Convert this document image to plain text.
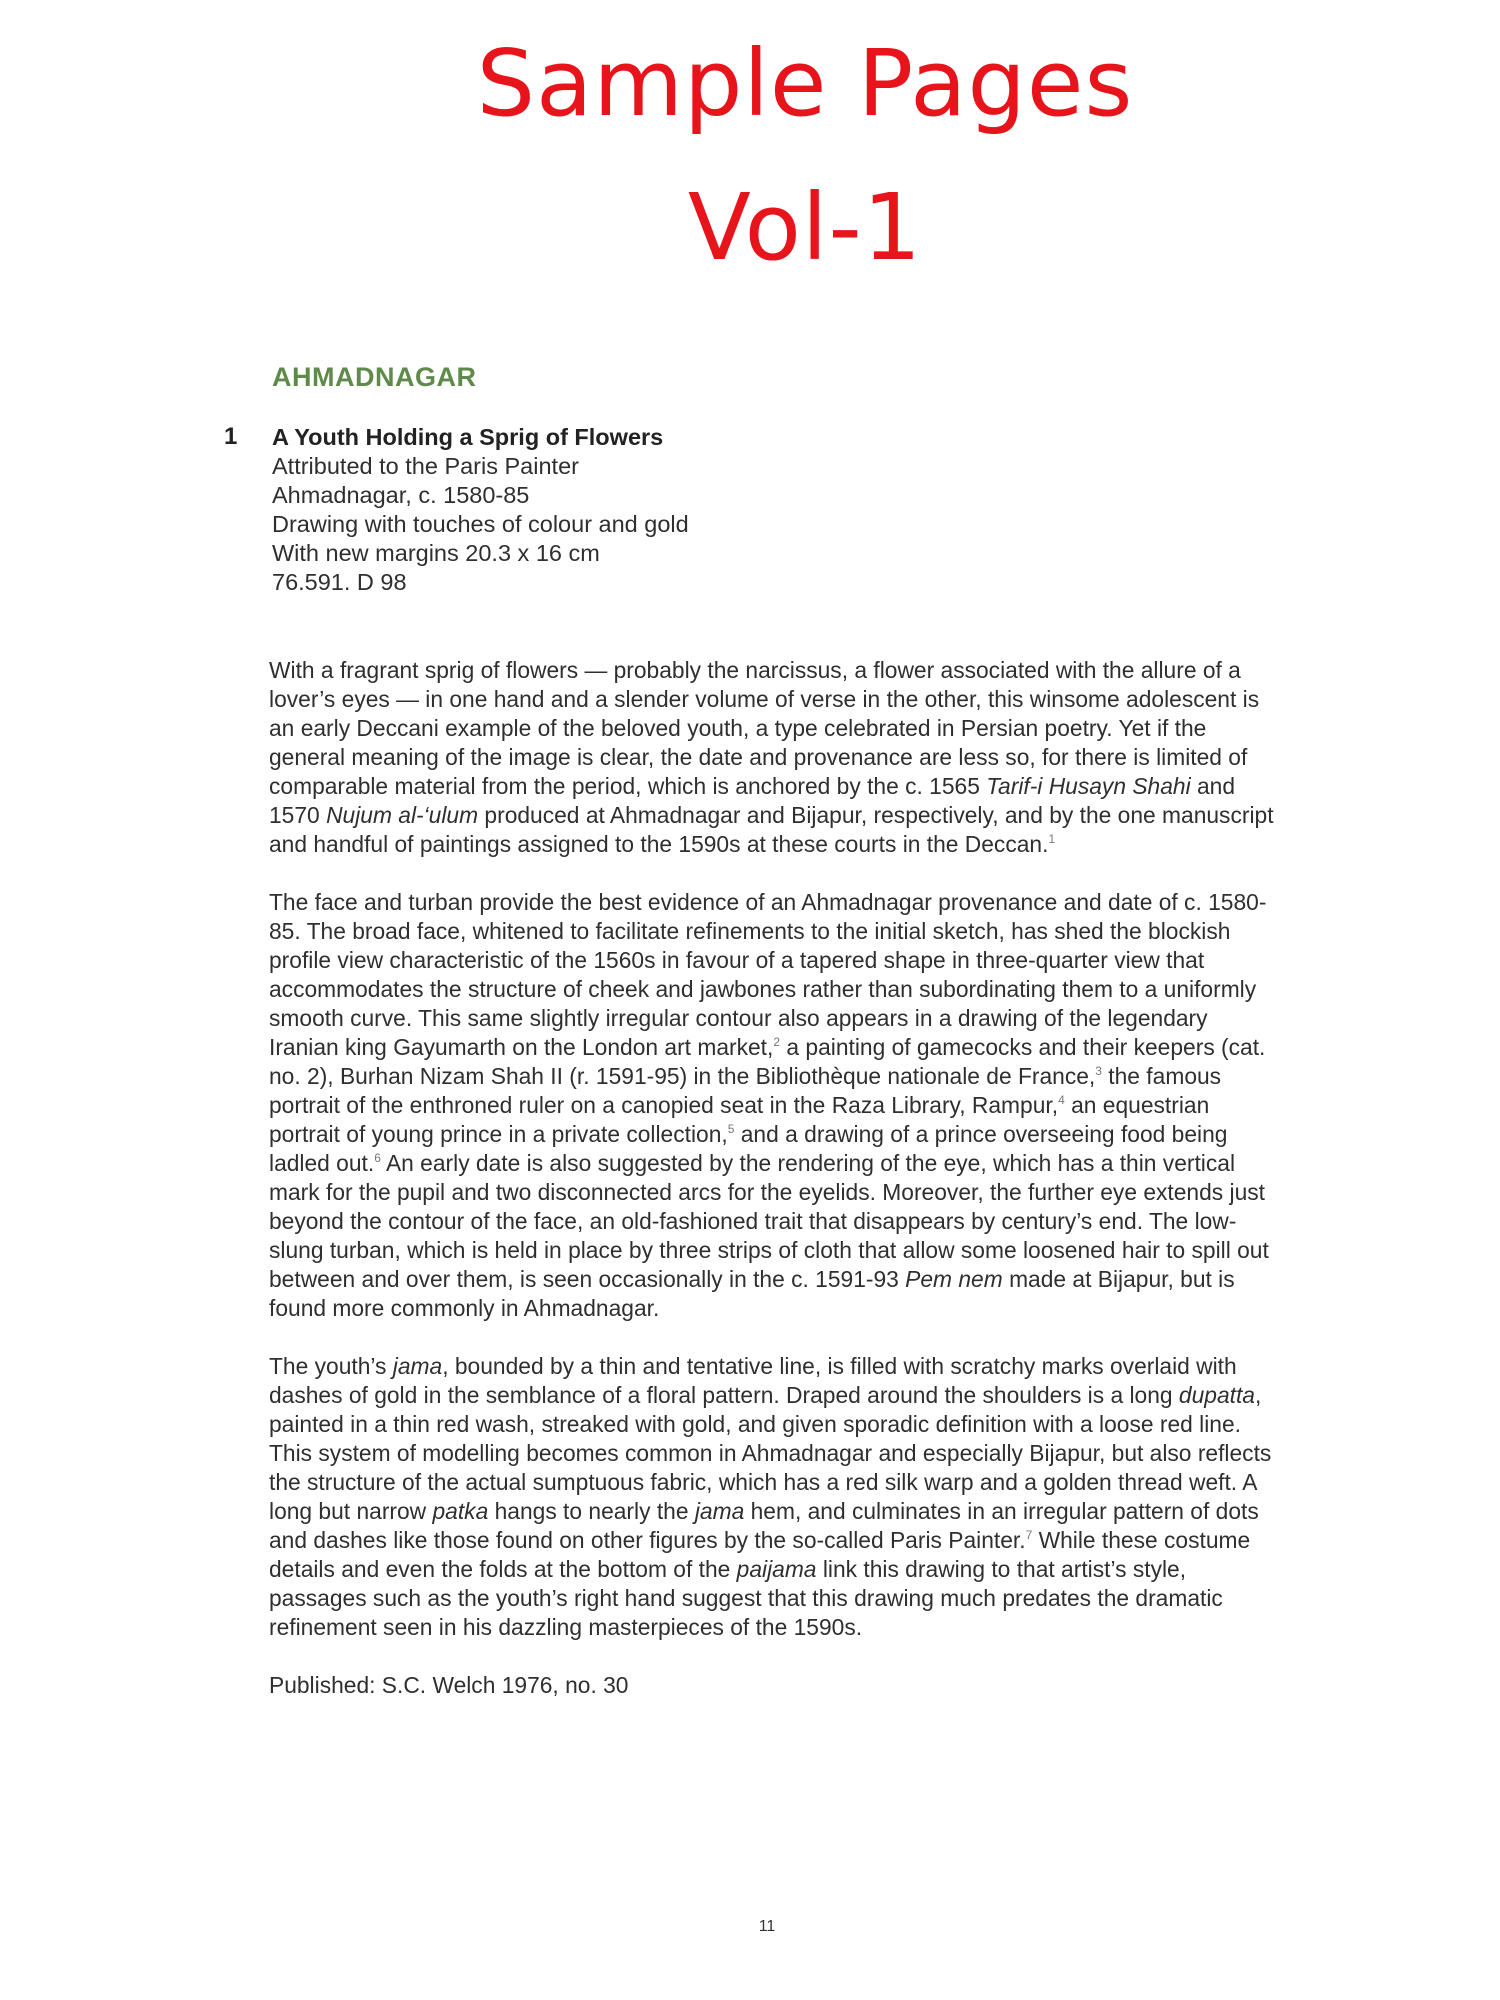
Sample Pages
Vol-1
AHMADNAGAR
1 A Youth Holding a Sprig of Flowers
Attributed to the Paris Painter
Ahmadnagar, c. 1580-85
Drawing with touches of colour and gold
With new margins 20.3 x 16 cm
76.591. D 98

With a fragrant sprig of flowers — probably the narcissus, a flower associated with the allure of a lover’s eyes — in one hand and a slender volume of verse in the other, this winsome adolescent is an early Deccani example of the beloved youth, a type celebrated in Persian poetry. Yet if the general meaning of the image is clear, the date and provenance are less so, for there is limited of comparable material from the period, which is anchored by the c. 1565 Tarif-i Husayn Shahi and 1570 Nujum al-‘ulum produced at Ahmadnagar and Bijapur, respectively, and by the one manuscript and handful of paintings assigned to the 1590s at these courts in the Deccan.$^1$

The face and turban provide the best evidence of an Ahmadnagar provenance and date of c. 1580-85. The broad face, whitened to facilitate refinements to the initial sketch, has shed the blockish profile view characteristic of the 1560s in favour of a tapered shape in three-quarter view that accommodates the structure of cheek and jawbones rather than subordinating them to a uniformly smooth curve. This same slightly irregular contour also appears in a drawing of the legendary Iranian king Gayumarth on the London art market,$^2$ a painting of gamecocks and their keepers (cat. no. 2), Burhan Nizam Shah II (r. 1591-95) in the Bibliothèque nationale de France,$^3$ the famous portrait of the enthroned ruler on a canopied seat in the Raza Library, Rampur,$^4$ an equestrian portrait of young prince in a private collection,$^5$ and a drawing of a prince overseeing food being ladled out.$^6$ An early date is also suggested by the rendering of the eye, which has a thin vertical mark for the pupil and two disconnected arcs for the eyelids. Moreover, the further eye extends just beyond the contour of the face, an old-fashioned trait that disappears by century’s end. The low-slung turban, which is held in place by three strips of cloth that allow some loosened hair to spill out between and over them, is seen occasionally in the c. 1591-93 Pem nem made at Bijapur, but is found more commonly in Ahmadnagar.

The youth’s jama, bounded by a thin and tentative line, is filled with scratchy marks overlaid with dashes of gold in the semblance of a floral pattern. Draped around the shoulders is a long dupatta, painted in a thin red wash, streaked with gold, and given sporadic definition with a loose red line. This system of modelling becomes common in Ahmadnagar and especially Bijapur, but also reflects the structure of the actual sumptuous fabric, which has a red silk warp and a golden thread weft. A long but narrow patka hangs to nearly the jama hem, and culminates in an irregular pattern of dots and dashes like those found on other figures by the so-called Paris Painter.$^7$ While these costume details and even the folds at the bottom of the paijama link this drawing to that artist’s style, passages such as the youth’s right hand suggest that this drawing much predates the dramatic refinement seen in his dazzling masterpieces of the 1590s.

Published: S.C. Welch 1976, no. 30

11
